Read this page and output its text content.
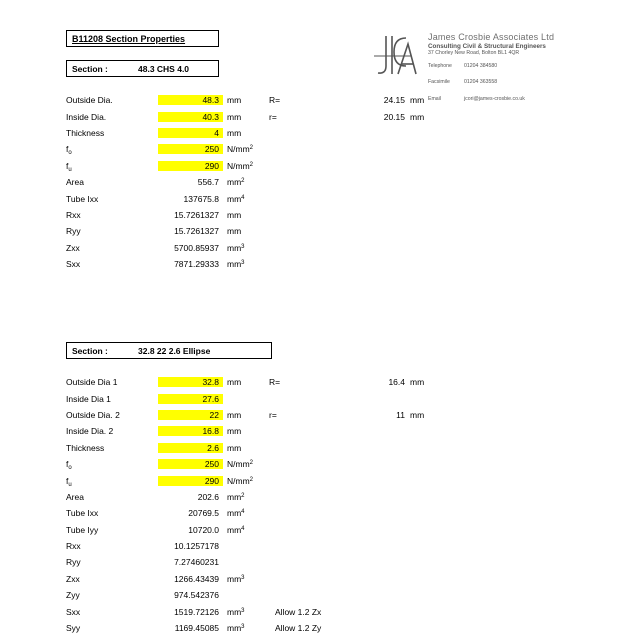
B11208 Section Properties	James Crosbie Associates Ltd
Consulting Civil & Structural Engineers
37 Chorley New Road, Bolton BL1 4QR
Telephone	01204 384580
Facsimile	01204 363558
Email	jcori@james-crosbie.co.uk
Section :	48.3 CHS 4.0
Outside Dia.	48.3 mm	R=	24.15 mm
Inside Dia.	40.3 mm	r=	20.15 mm
Thickness	4 mm
$f_o$	250 $N/mm^2$
$f_u$	290 $N/mm^2$
Area	556.7 $mm^2$
Tube Ixx	137675.8 $mm^4$
Rxx	15.7261327 mm
Ryy	15.7261327 mm
Zxx	5700.85937 $mm^3$
Sxx	7871.29333 $mm^3$
Section :	32.8 22 2.6 Ellipse
Outside Dia 1	32.8 mm	R=	16.4 mm
Inside Dia 1	27.6
Outside Dia. 2	22 mm	r=	11 mm
Inside Dia. 2	16.8 mm
Thickness	2.6 mm
$f_o$	250 $N/mm^2$
$f_u$	290 $N/mm^2$
Area	202.6 $mm^2$
Tube Ixx	20769.5 $mm^4$
Tube Iyy	10720.0 $mm^4$
Rxx	10.1257178
Ryy	7.27460231
Zxx	1266.43439 $mm^3$
Zyy	974.542376
Sxx	1519.72126 $mm^3$	Allow 1.2 Zx
Syy	1169.45085 $mm^3$	Allow 1.2 Zy
